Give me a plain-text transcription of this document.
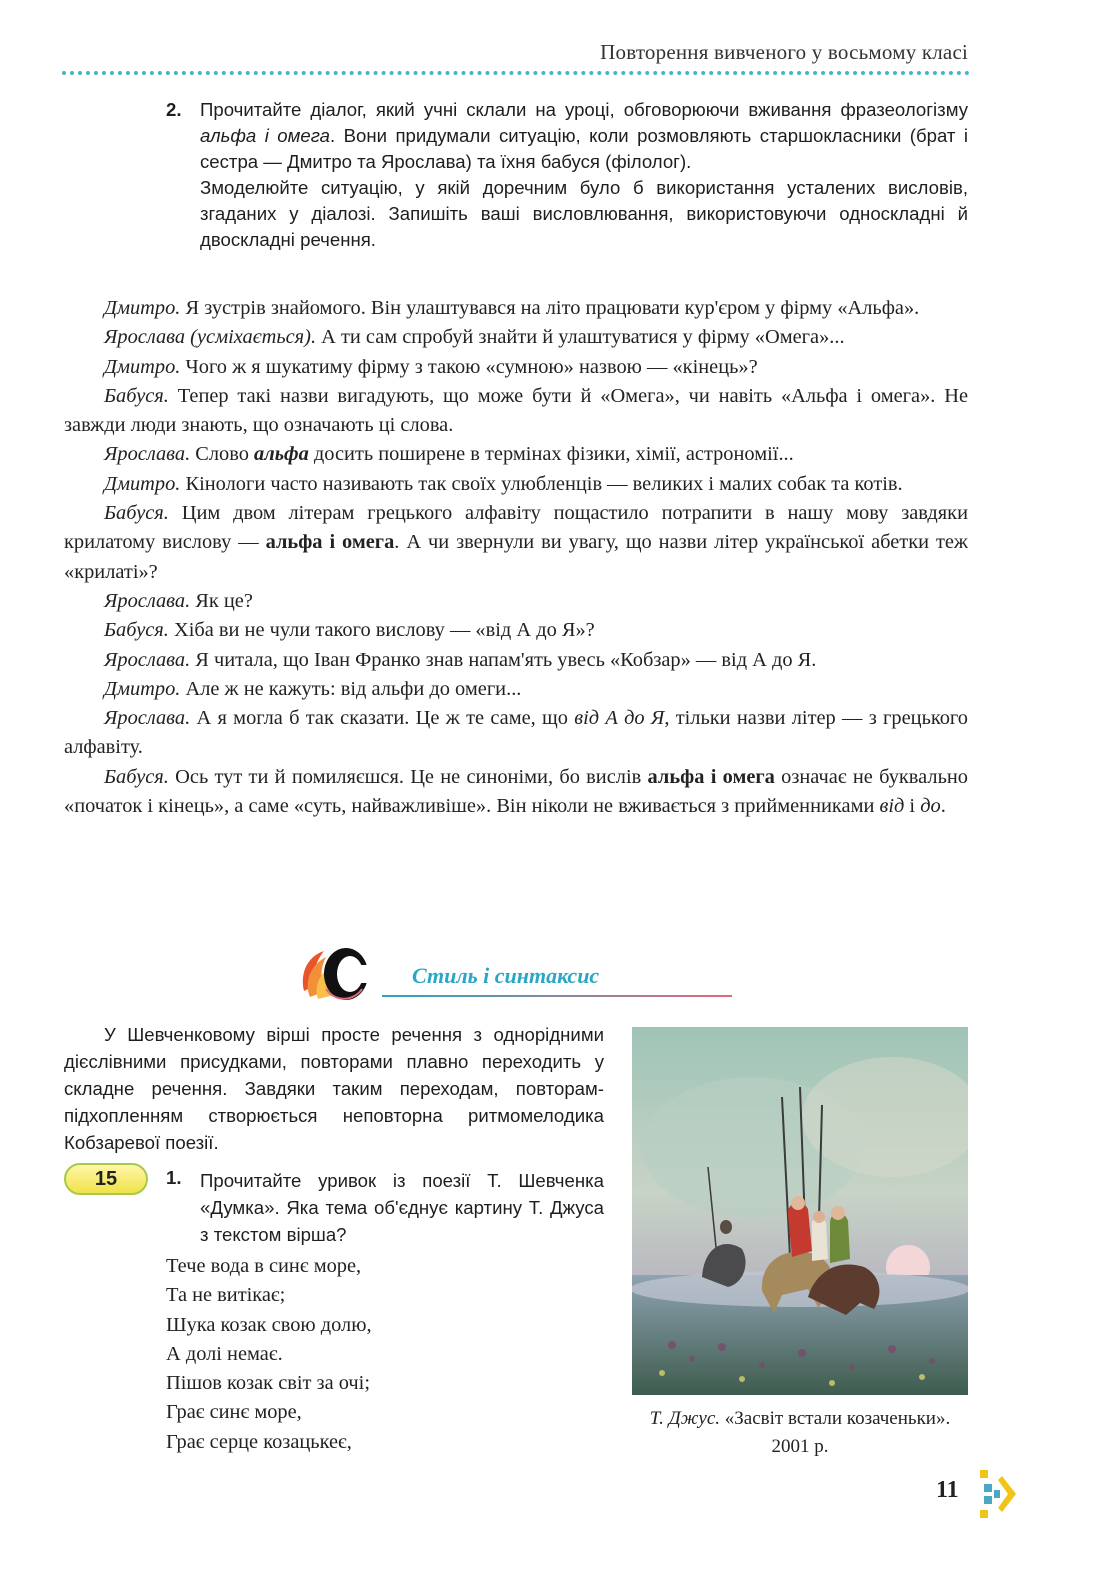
Повторення вивченого у восьмому класі
2. Прочитайте діалог, який учні склали на уроці, обговорюючи вживання фразеологізму альфа і омега. Вони придумали ситуацію, коли розмовляють старшокласники (брат і сестра — Дмитро та Ярослава) та їхня бабуся (філолог).

Змоделюйте ситуацію, у якій доречним було б використання усталених висловів, згаданих у діалозі. Запишіть ваші висловлювання, використовуючи односкладні й двоскладні речення.

Дмитро. Я зустрів знайомого. Він улаштувався на літо працювати кур'єром у фірму «Альфа».

Ярослава (усміхається). А ти сам спробуй знайти й улаштуватися у фірму «Омега»...

Дмитро. Чого ж я шукатиму фірму з такою «сумною» назвою — «кінець»?

Бабуся. Тепер такі назви вигадують, що може бути й «Омега», чи навіть «Альфа і омега». Не завжди люди знають, що означають ці слова.

Ярослава. Слово альфа досить поширене в термінах фізики, хімії, астрономії...

Дмитро. Кінологи часто називають так своїх улюбленців — великих і малих собак та котів.

Бабуся. Цим двом літерам грецького алфавіту пощастило потрапити в нашу мову завдяки крилатому вислову — альфа і омега. А чи звернули ви увагу, що назви літер української абетки теж «крилаті»?

Ярослава. Як це?

Бабуся. Хіба ви не чули такого вислову — «від А до Я»?

Ярослава. Я читала, що Іван Франко знав напам'ять увесь «Кобзар» — від А до Я.

Дмитро. Але ж не кажуть: від альфи до омеги...

Ярослава. А я могла б так сказати. Це ж те саме, що від А до Я, тільки назви літер — з грецького алфавіту.

Бабуся. Ось тут ти й помиляєшся. Це не синоніми, бо вислів альфа і омега означає не буквально «початок і кінець», а саме «суть, найважливіше». Він ніколи не вживається з прийменниками від і до.

Стиль і синтаксис

У Шевченковому вірші просте речення з однорідними дієслівними присудками, повторами плавно переходить у складне речення. Завдяки таким переходам, повторам-підхопленням створюється неповторна ритмомелодика Кобзаревої поезії.

15	1. Прочитайте уривок із поезії Т. Шевченка «Думка». Яка тема об'єднує картину Т. Джуса з текстом вірша?

Тече вода в синє море,
Та не витікає;
Шука козак свою долю,
А долі немає.
Пішов козак світ за очі;
Грає синє море,
Грає серце козацькеє,
Т. Джус. «Засвіт встали козаченьки». 2001 р.
11
